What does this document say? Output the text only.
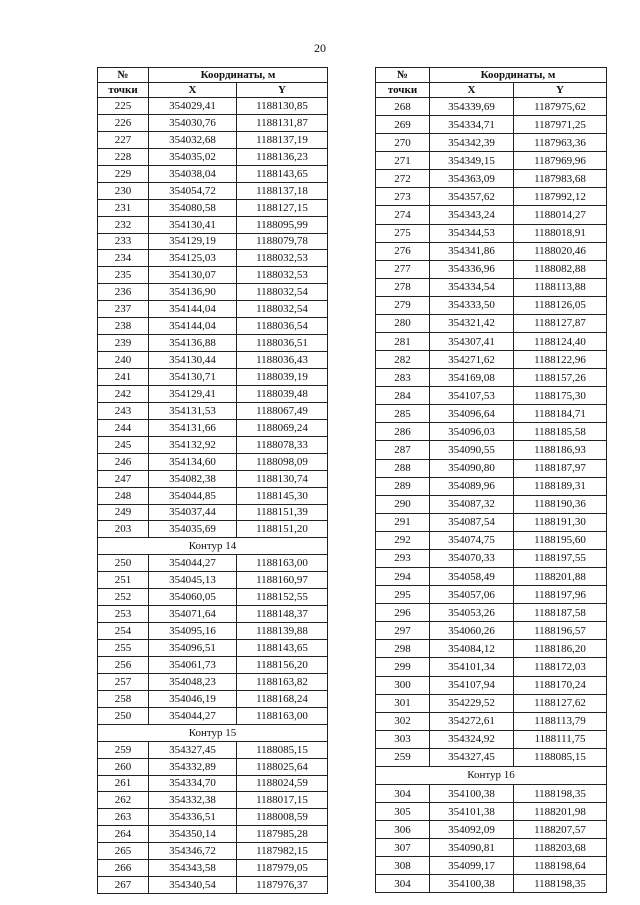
20
№	Координаты, м	
точки	X	Y
225	354029,41	1188130,85
226	354030,76	1188131,87
227	354032,68	1188137,19
228	354035,02	1188136,23
229	354038,04	1188143,65
230	354054,72	1188137,18
231	354080,58	1188127,15
232	354130,41	1188095,99
233	354129,19	1188079,78
234	354125,03	1188032,53
235	354130,07	1188032,53
236	354136,90	1188032,54
237	354144,04	1188032,54
238	354144,04	1188036,54
239	354136,88	1188036,51
240	354130,44	1188036,43
241	354130,71	1188039,19
242	354129,41	1188039,48
243	354131,53	1188067,49
244	354131,66	1188069,24
245	354132,92	1188078,33
246	354134,60	1188098,09
247	354082,38	1188130,74
248	354044,85	1188145,30
249	354037,44	1188151,39
203	354035,69	1188151,20
Контур 14		
250	354044,27	1188163,00
251	354045,13	1188160,97
252	354060,05	1188152,55
253	354071,64	1188148,37
254	354095,16	1188139,88
255	354096,51	1188143,65
256	354061,73	1188156,20
257	354048,23	1188163,82
258	354046,19	1188168,24
250	354044,27	1188163,00
Контур 15		
259	354327,45	1188085,15
260	354332,89	1188025,64
261	354334,70	1188024,59
262	354332,38	1188017,15
263	354336,51	1188008,59
264	354350,14	1187985,28
265	354346,72	1187982,15
266	354343,58	1187979,05
267	354340,54	1187976,37
№	Координаты, м	
точки	X	Y
268	354339,69	1187975,62
269	354334,71	1187971,25
270	354342,39	1187963,36
271	354349,15	1187969,96
272	354363,09	1187983,68
273	354357,62	1187992,12
274	354343,24	1188014,27
275	354344,53	1188018,91
276	354341,86	1188020,46
277	354336,96	1188082,88
278	354334,54	1188113,88
279	354333,50	1188126,05
280	354321,42	1188127,87
281	354307,41	1188124,40
282	354271,62	1188122,96
283	354169,08	1188157,26
284	354107,53	1188175,30
285	354096,64	1188184,71
286	354096,03	1188185,58
287	354090,55	1188186,93
288	354090,80	1188187,97
289	354089,96	1188189,31
290	354087,32	1188190,36
291	354087,54	1188191,30
292	354074,75	1188195,60
293	354070,33	1188197,55
294	354058,49	1188201,88
295	354057,06	1188197,96
296	354053,26	1188187,58
297	354060,26	1188196,57
298	354084,12	1188186,20
299	354101,34	1188172,03
300	354107,94	1188170,24
301	354229,52	1188127,62
302	354272,61	1188113,79
303	354324,92	1188111,75
259	354327,45	1188085,15
Контур 16		
304	354100,38	1188198,35
305	354101,38	1188201,98
306	354092,09	1188207,57
307	354090,81	1188203,68
308	354099,17	1188198,64
304	354100,38	1188198,35
